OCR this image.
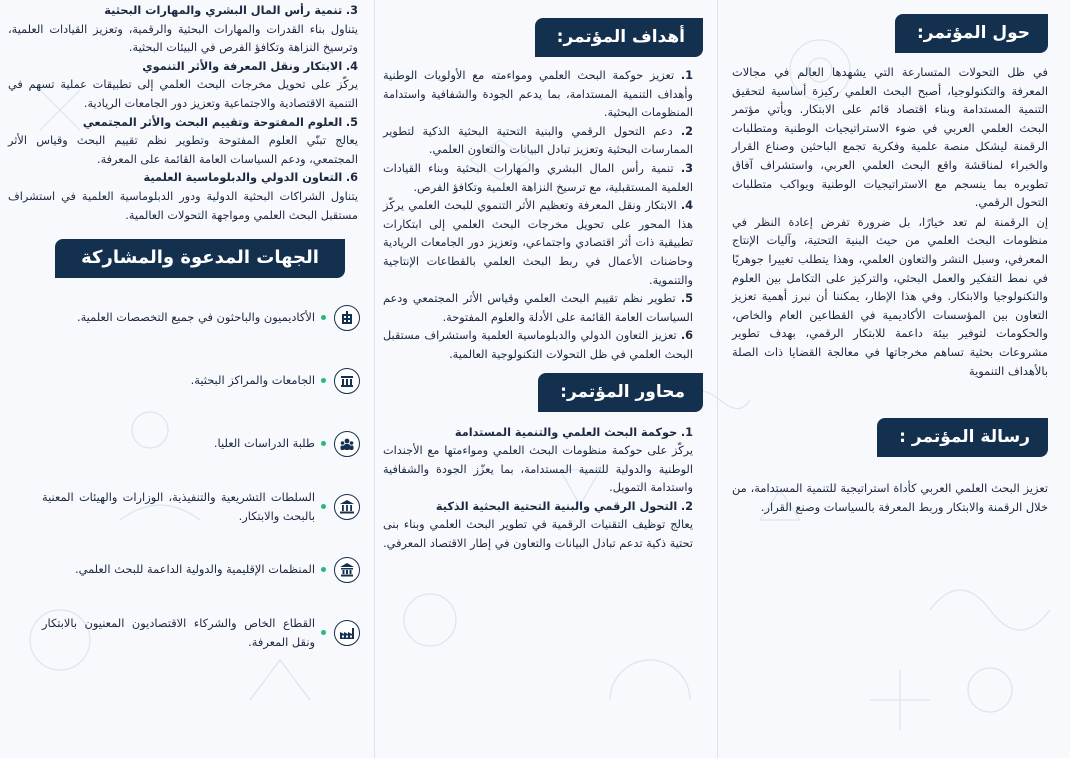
حول المؤتمر:

في ظل التحولات المتسارعة التي يشهدها العالم في مجالات المعرفة والتكنولوجيا، أصبح البحث العلمي ركيزة أساسية لتحقيق التنمية المستدامة وبناء اقتصاد قائم على الابتكار. ويأتي مؤتمر البحث العلمي العربي في ضوء الاستراتيجيات الوطنية ومتطلبات الرقمنة ليشكل منصة علمية وفكرية تجمع الباحثين وصناع القرار والخبراء لمناقشة واقع البحث العلمي العربي، واستشراف آفاق تطويره بما ينسجم مع الاستراتيجيات الوطنية ويواكب متطلبات التحول الرقمي.

إن الرقمنة لم تعد خيارًا، بل ضرورة تفرض إعادة النظر في منظومات البحث العلمي من حيث البنية التحتية، وآليات الإنتاج المعرفي، وسبل النشر والتعاون العلمي، وهذا يتطلب تغييرا جوهريًا في نمط التفكير والعمل البحثي، والتركيز على التكامل بين العلوم والتكنولوجيا والابتكار. وفي هذا الإطار، يمكننا أن نبرز أهمية تعزيز التعاون بين المؤسسات الأكاديمية في القطاعين العام والخاص، والحكومات لتوفير بيئة داعمة للابتكار الرقمي، بهدف تطوير مشروعات بحثية تساهم مخرجاتها في معالجة القضايا ذات الصلة بالأهداف التنموية

رسالة المؤتمر :

تعزيز البحث العلمي العربي كأداة استراتيجية للتنمية المستدامة، من خلال الرقمنة والابتكار وربط المعرفة بالسياسات وصنع القرار.

أهداف المؤتمر:

1. تعزيز حوكمة البحث العلمي ومواءمته مع الأولويات الوطنية وأهداف التنمية المستدامة، بما يدعم الجودة والشفافية واستدامة المنظومات البحثية.

2. دعم التحول الرقمي والبنية التحتية البحثية الذكية لتطوير الممارسات البحثية وتعزيز تبادل البيانات والتعاون العلمي.

3. تنمية رأس المال البشري والمهارات البحثية وبناء القيادات العلمية المستقبلية، مع ترسيخ النزاهة العلمية وتكافؤ الفرص.

4. الابتكار ونقل المعرفة وتعظيم الأثر التنموي للبحث العلمي يركّز هذا المحور على تحويل مخرجات البحث العلمي إلى ابتكارات تطبيقية ذات أثر اقتصادي واجتماعي، وتعزيز دور الجامعات الريادية وحاضنات الأعمال في ربط البحث العلمي بالقطاعات الإنتاجية والتنموية.

5. تطوير نظم تقييم البحث العلمي وقياس الأثر المجتمعي ودعم السياسات العامة القائمة على الأدلة والعلوم المفتوحة.

6. تعزيز التعاون الدولي والدبلوماسية العلمية واستشراف مستقبل البحث العلمي في ظل التحولات التكنولوجية العالمية.

محاور المؤتمر:

1. حوكمة البحث العلمي والتنمية المستدامة

يركّز على حوكمة منظومات البحث العلمي ومواءمتها مع الأجندات الوطنية والدولية للتنمية المستدامة، بما يعزّز الجودة والشفافية واستدامة التمويل.

2. التحول الرقمي والبنية التحتية البحثية الذكية

يعالج توظيف التقنيات الرقمية في تطوير البحث العلمي وبناء بنى تحتية ذكية تدعم تبادل البيانات والتعاون في إطار الاقتصاد المعرفي.

3. تنمية رأس المال البشري والمهارات البحثية

يتناول بناء القدرات والمهارات البحثية والرقمية، وتعزيز القيادات العلمية، وترسيخ النزاهة وتكافؤ الفرص في البيئات البحثية.

4. الابتكار ونقل المعرفة والأثر التنموي

يركّز على تحويل مخرجات البحث العلمي إلى تطبيقات عملية تسهم في التنمية الاقتصادية والاجتماعية وتعزيز دور الجامعات الريادية.

5. العلوم المفتوحة وتقييم البحث والأثر المجتمعي

يعالج تبنّي العلوم المفتوحة وتطوير نظم تقييم البحث وقياس الأثر المجتمعي، ودعم السياسات العامة القائمة على المعرفة.

6. التعاون الدولي والدبلوماسية العلمية

يتناول الشراكات البحثية الدولية ودور الدبلوماسية العلمية في استشراف مستقبل البحث العلمي ومواجهة التحولات العالمية.

الجهات المدعوة والمشاركة
الأكاديميون والباحثون في جميع التخصصات العلمية.
الجامعات والمراكز البحثية.
طلبة الدراسات العليا.
السلطات التشريعية والتنفيذية، الوزارات والهيئات المعنية بالبحث والابتكار.
المنظمات الإقليمية والدولية الداعمة للبحث العلمي.
القطاع الخاص والشركاء الاقتصاديون المعنيون بالابتكار ونقل المعرفة.
